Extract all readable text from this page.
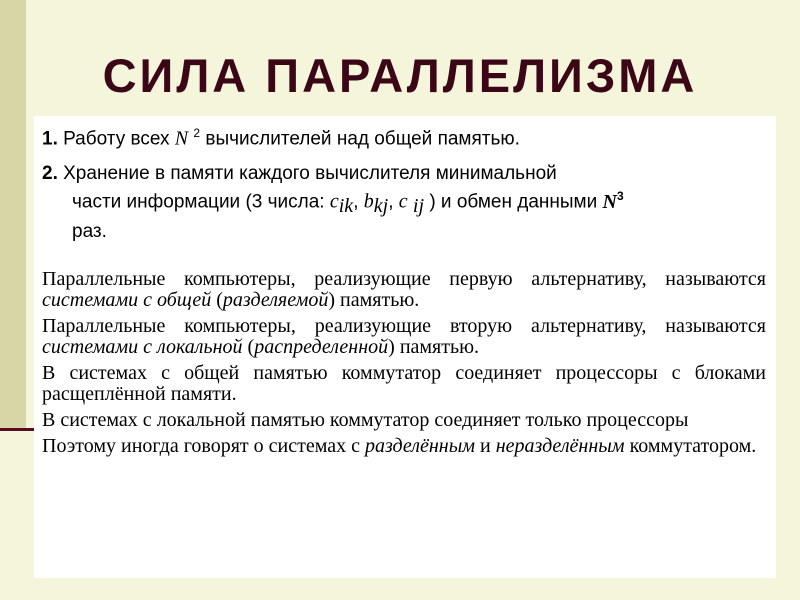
СИЛА ПАРАЛЛЕЛИЗМА
1. Работу всех N $^2$ вычислителей над общей памятью.
2. Хранение в памяти каждого вычислителя минимальной
части информации (3 числа: $c_{ik}$, $b_{kj}$, c $_{ij}$ ) и обмен данными $N^3$
раз.
Параллельные компьютеры, реализующие первую альтернативу, называются системами с общей (разделяемой) памятью.
Параллельные компьютеры, реализующие вторую альтернативу, называются системами с локальной (распределенной) памятью.
В системах с общей памятью коммутатор соединяет процессоры с блоками расщеплённой памяти.
В системах с локальной памятью коммутатор соединяет только процессоры
Поэтому иногда говорят о системах с разделённым и неразделённым коммутатором.
